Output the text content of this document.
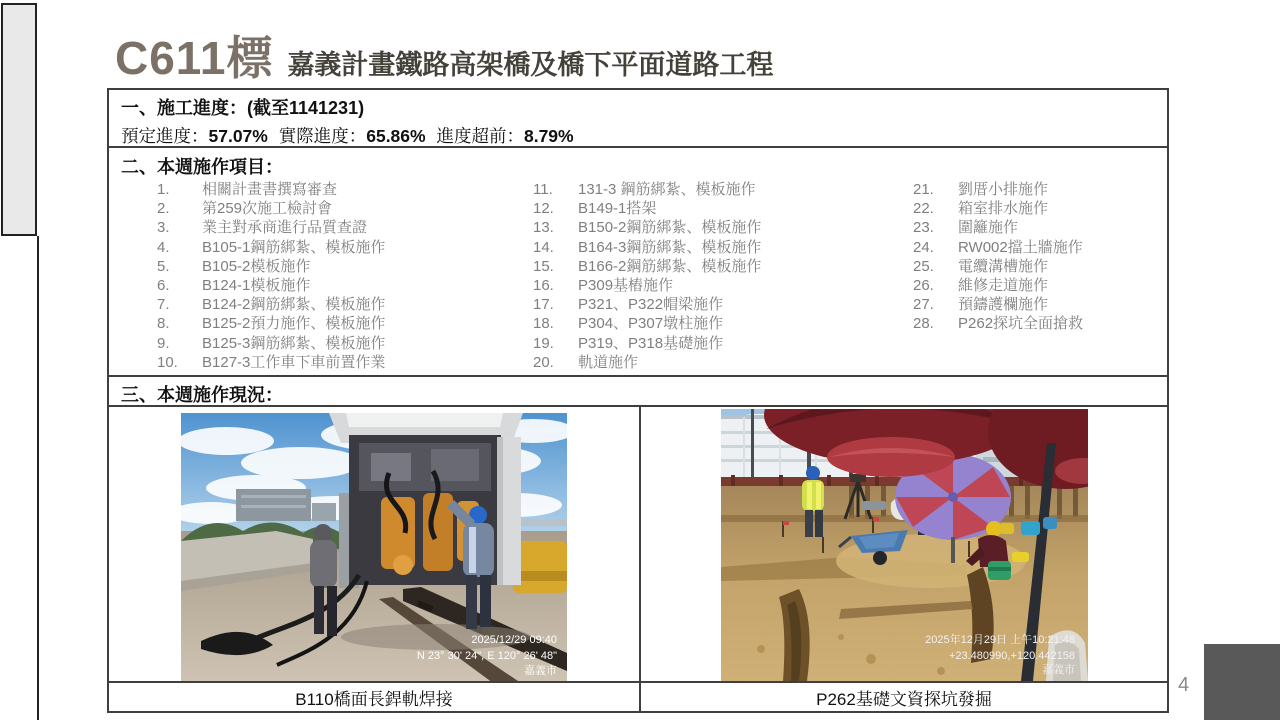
C611標 嘉義計畫鐵路高架橋及橋下平面道路工程
一、施工進度：(截至1141231)
預定進度：57.07% 實際進度：65.86% 進度超前：8.79%
二、本週施作項目：
1.	相關計畫書撰寫審查
2.	第259次施工檢討會
3.	業主對承商進行品質查證
4.	B105-1鋼筋綁紮、模板施作
5.	B105-2模板施作
6.	B124-1模板施作
7.	B124-2鋼筋綁紮、模板施作
8.	B125-2預力施作、模板施作
9.	B125-3鋼筋綁紮、模板施作
10.	B127-3工作車下車前置作業
11.	131-3 鋼筋綁紮、模板施作
12.	B149-1搭架
13.	B150-2鋼筋綁紮、模板施作
14.	B164-3鋼筋綁紮、模板施作
15.	B166-2鋼筋綁紮、模板施作
16.	P309基樁施作
17.	P321、P322帽梁施作
18.	P304、P307墩柱施作
19.	P319、P318基礎施作
20.	軌道施作
21.	劉厝小排施作
22.	箱室排水施作
23.	圍籬施作
24.	RW002擋土牆施作
25.	電纜溝槽施作
26.	維修走道施作
27.	預鑄護欄施作
28.	P262探坑全面搶救
三、本週施作現況：
2025/12/29 09:40
N 23° 30' 24", E 120° 26' 48"
嘉義市
2025年12月29日 上午10:21:48
+23.480990,+120.442158
嘉義市
B110橋面長銲軌焊接	P262基礎文資探坑發掘
4
